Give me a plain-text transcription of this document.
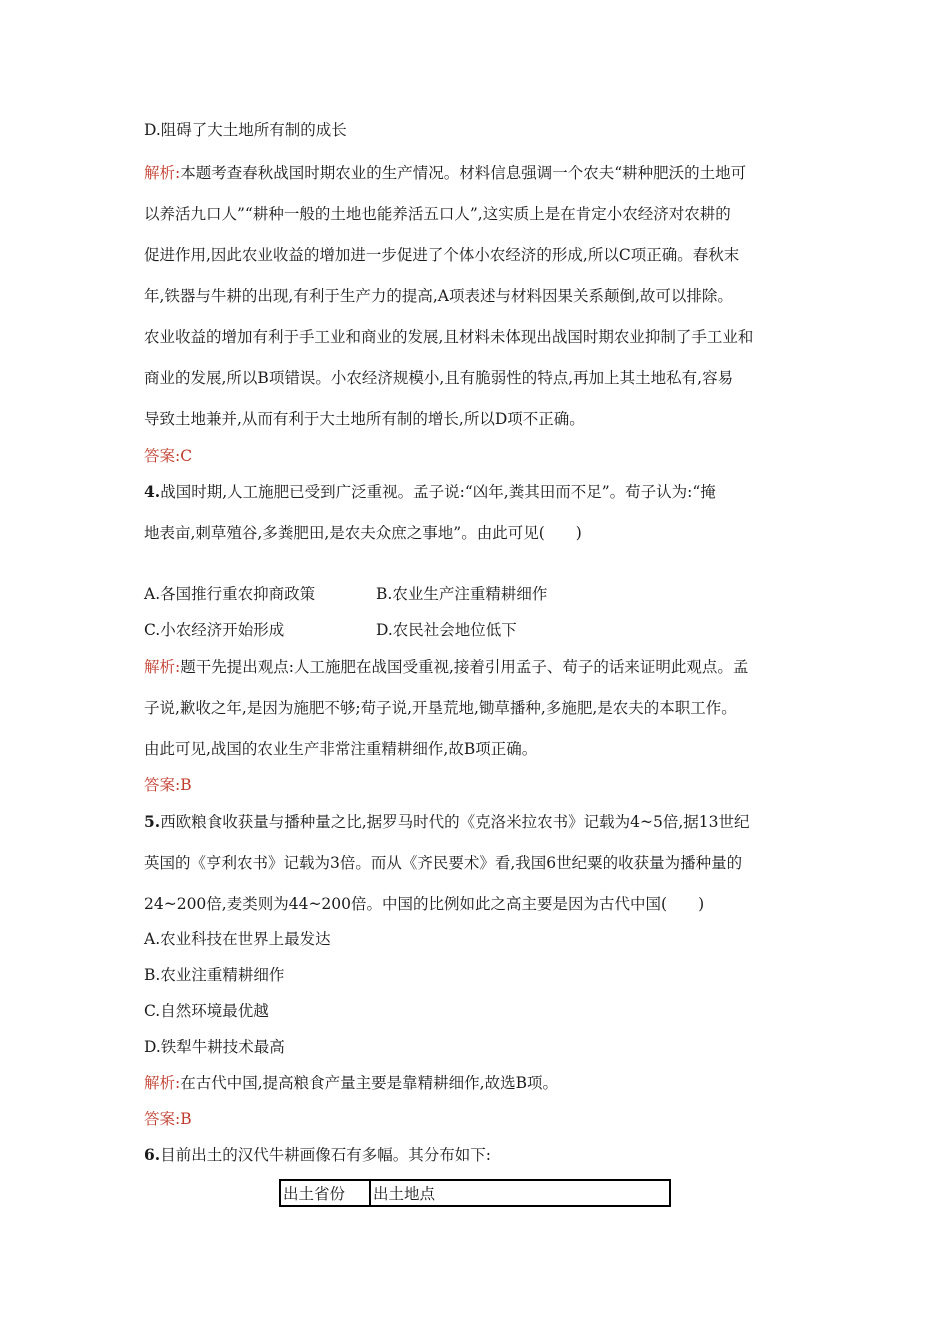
D.阻碍了大土地所有制的成长
解析:本题考查春秋战国时期农业的生产情况。材料信息强调一个农夫“耕种肥沃的土地可
以养活九口人”“耕种一般的土地也能养活五口人”,这实质上是在肯定小农经济对农耕的
促进作用,因此农业收益的增加进一步促进了个体小农经济的形成,所以C项正确。春秋末
年,铁器与牛耕的出现,有利于生产力的提高,A项表述与材料因果关系颠倒,故可以排除。
农业收益的增加有利于手工业和商业的发展,且材料未体现出战国时期农业抑制了手工业和
商业的发展,所以B项错误。小农经济规模小,且有脆弱性的特点,再加上其土地私有,容易
导致土地兼并,从而有利于大土地所有制的增长,所以D项不正确。
答案:C
4.战国时期,人工施肥已受到广泛重视。孟子说:“凶年,粪其田而不足”。荀子认为:“掩
地表亩,刺草殖谷,多粪肥田,是农夫众庶之事地”。由此可见(　　)
A.各国推行重农抑商政策	B.农业生产注重精耕细作
C.小农经济开始形成	D.农民社会地位低下
解析:题干先提出观点:人工施肥在战国受重视,接着引用孟子、荀子的话来证明此观点。孟
子说,歉收之年,是因为施肥不够;荀子说,开垦荒地,锄草播种,多施肥,是农夫的本职工作。
由此可见,战国的农业生产非常注重精耕细作,故B项正确。
答案:B
5.西欧粮食收获量与播种量之比,据罗马时代的《克洛米拉农书》记载为4~5倍,据13世纪
英国的《亨利农书》记载为3倍。而从《齐民要术》看,我国6世纪粟的收获量为播种量的
24~200倍,麦类则为44~200倍。中国的比例如此之高主要是因为古代中国(　　)
A.农业科技在世界上最发达
B.农业注重精耕细作
C.自然环境最优越
D.铁犁牛耕技术最高
解析:在古代中国,提高粮食产量主要是靠精耕细作,故选B项。
答案:B
6.目前出土的汉代牛耕画像石有多幅。其分布如下:
出土省份	出土地点
